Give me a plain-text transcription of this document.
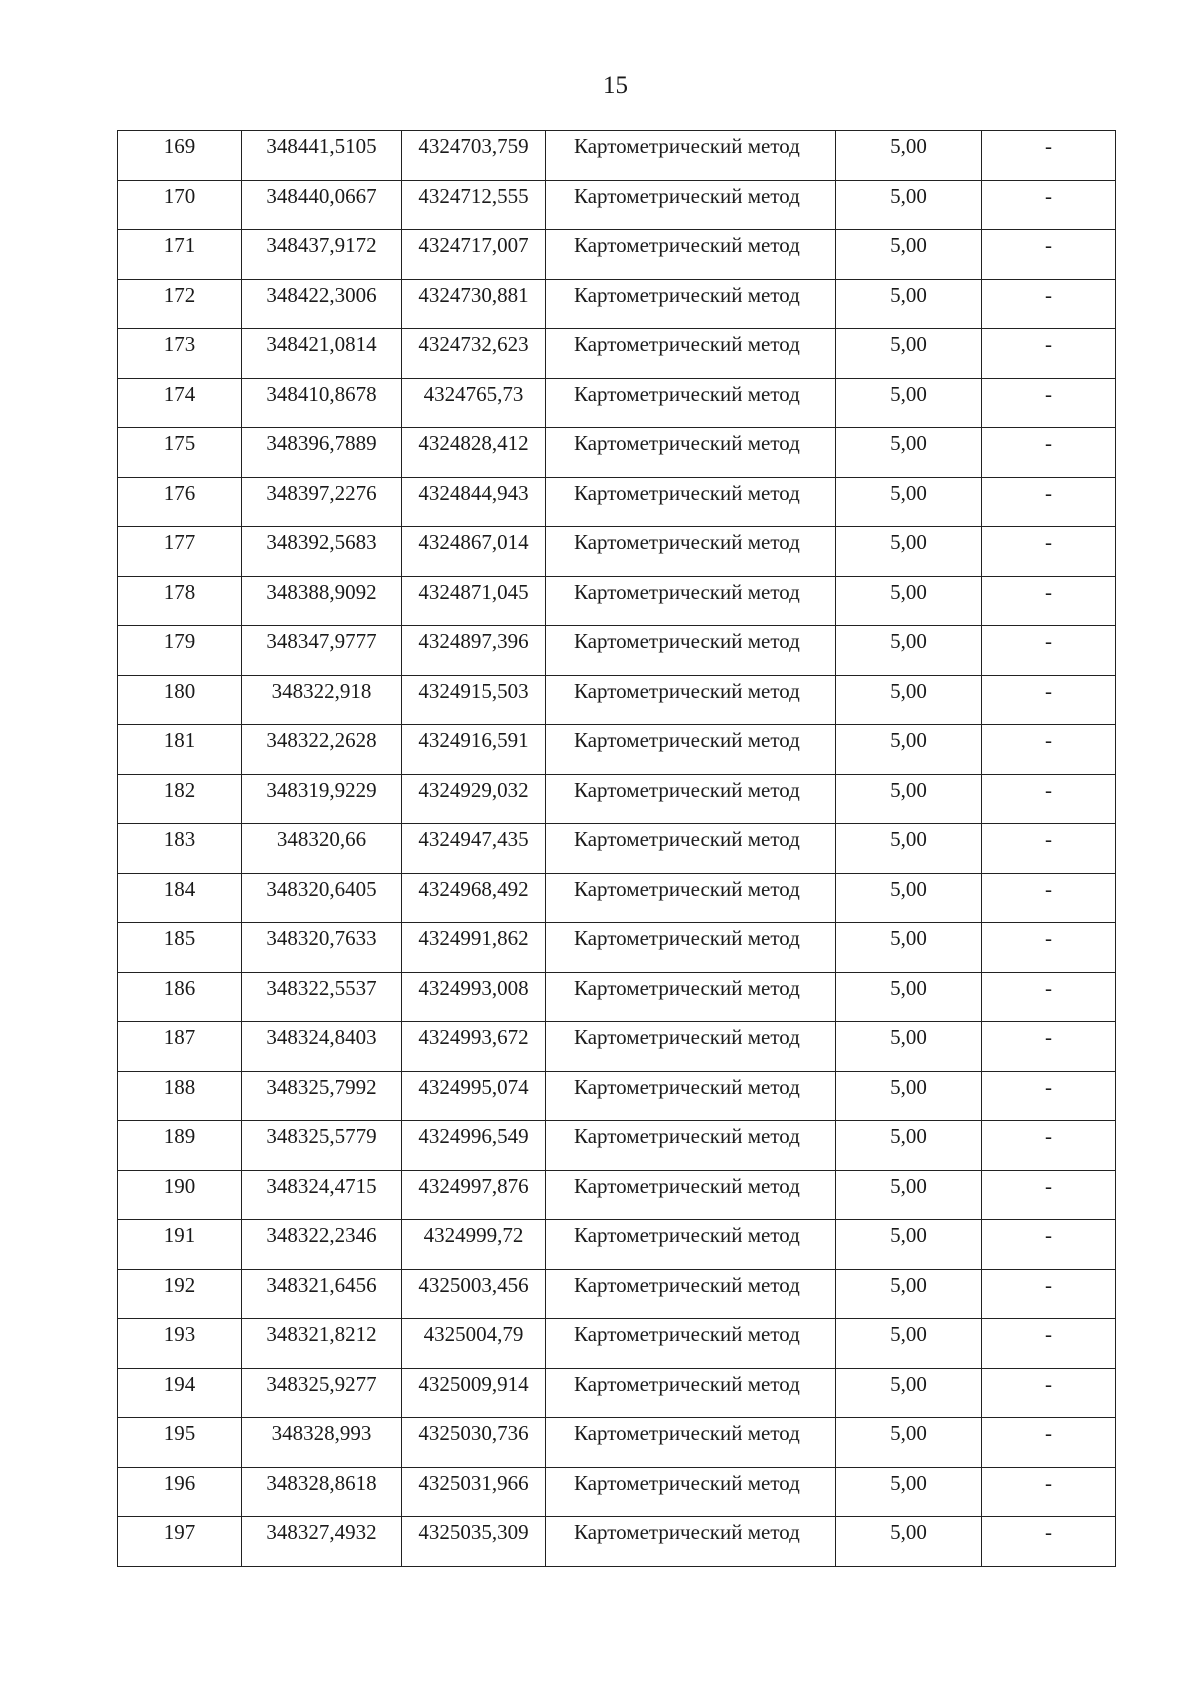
15
169	348441,5105	4324703,759	Картометрический метод	5,00	-
170	348440,0667	4324712,555	Картометрический метод	5,00	-
171	348437,9172	4324717,007	Картометрический метод	5,00	-
172	348422,3006	4324730,881	Картометрический метод	5,00	-
173	348421,0814	4324732,623	Картометрический метод	5,00	-
174	348410,8678	4324765,73	Картометрический метод	5,00	-
175	348396,7889	4324828,412	Картометрический метод	5,00	-
176	348397,2276	4324844,943	Картометрический метод	5,00	-
177	348392,5683	4324867,014	Картометрический метод	5,00	-
178	348388,9092	4324871,045	Картометрический метод	5,00	-
179	348347,9777	4324897,396	Картометрический метод	5,00	-
180	348322,918	4324915,503	Картометрический метод	5,00	-
181	348322,2628	4324916,591	Картометрический метод	5,00	-
182	348319,9229	4324929,032	Картометрический метод	5,00	-
183	348320,66	4324947,435	Картометрический метод	5,00	-
184	348320,6405	4324968,492	Картометрический метод	5,00	-
185	348320,7633	4324991,862	Картометрический метод	5,00	-
186	348322,5537	4324993,008	Картометрический метод	5,00	-
187	348324,8403	4324993,672	Картометрический метод	5,00	-
188	348325,7992	4324995,074	Картометрический метод	5,00	-
189	348325,5779	4324996,549	Картометрический метод	5,00	-
190	348324,4715	4324997,876	Картометрический метод	5,00	-
191	348322,2346	4324999,72	Картометрический метод	5,00	-
192	348321,6456	4325003,456	Картометрический метод	5,00	-
193	348321,8212	4325004,79	Картометрический метод	5,00	-
194	348325,9277	4325009,914	Картометрический метод	5,00	-
195	348328,993	4325030,736	Картометрический метод	5,00	-
196	348328,8618	4325031,966	Картометрический метод	5,00	-
197	348327,4932	4325035,309	Картометрический метод	5,00	-
